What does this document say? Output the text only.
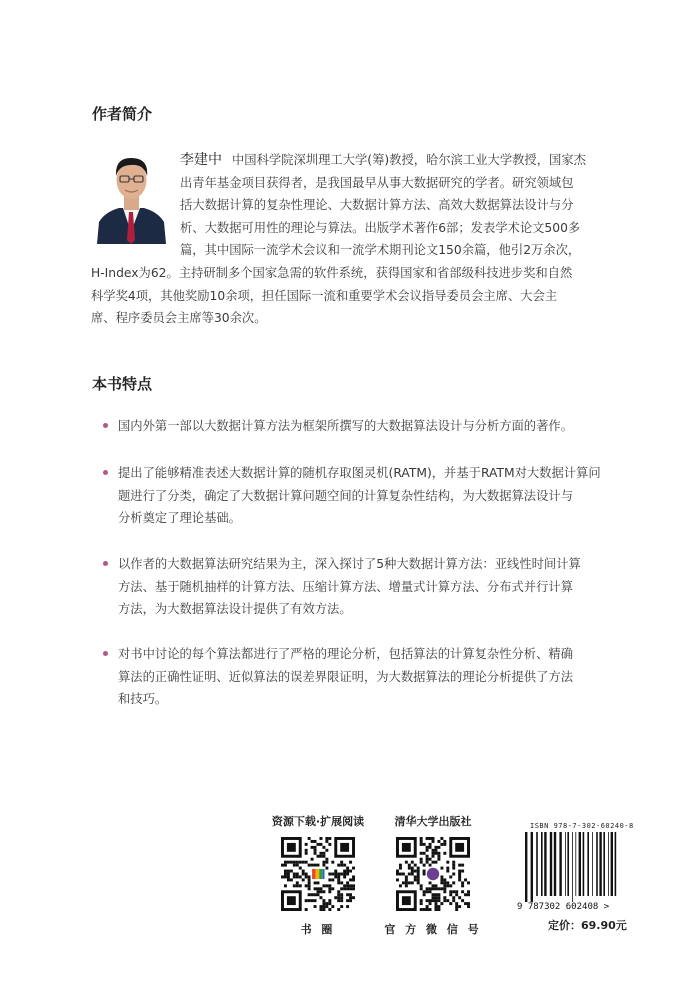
作者简介
李建中 中国科学院深圳理工大学(筹)教授，哈尔滨工业大学教授，国家杰
出青年基金项目获得者，是我国最早从事大数据研究的学者。研究领域包
括大数据计算的复杂性理论、大数据计算方法、高效大数据算法设计与分
析、大数据可用性的理论与算法。出版学术著作6部；发表学术论文500多
篇，其中国际一流学术会议和一流学术期刊论文150余篇，他引2万余次，
H-Index为62。主持研制多个国家急需的软件系统，获得国家和省部级科技进步奖和自然
科学奖4项，其他奖励10余项，担任国际一流和重要学术会议指导委员会主席、大会主
席、程序委员会主席等30余次。
本书特点
国内外第一部以大数据计算方法为框架所撰写的大数据算法设计与分析方面的著作。
提出了能够精准表述大数据计算的随机存取图灵机(RATM)，并基于RATM对大数据计算问
题进行了分类，确定了大数据计算问题空间的计算复杂性结构，为大数据算法设计与
分析奠定了理论基础。
以作者的大数据算法研究结果为主，深入探讨了5种大数据计算方法：亚线性时间计算
方法、基于随机抽样的计算方法、压缩计算方法、增量式计算方法、分布式并行计算
方法，为大数据算法设计提供了有效方法。
对书中讨论的每个算法都进行了严格的理论分析，包括算法的计算复杂性分析、精确
算法的正确性证明、近似算法的误差界限证明，为大数据算法的理论分析提供了方法
和技巧。
资源下载·扩展阅读
书 圈
清华大学出版社
官 方 微 信 号
ISBN 978-7-302-60240-8
9 787302 602408 >
定价：69.90元
